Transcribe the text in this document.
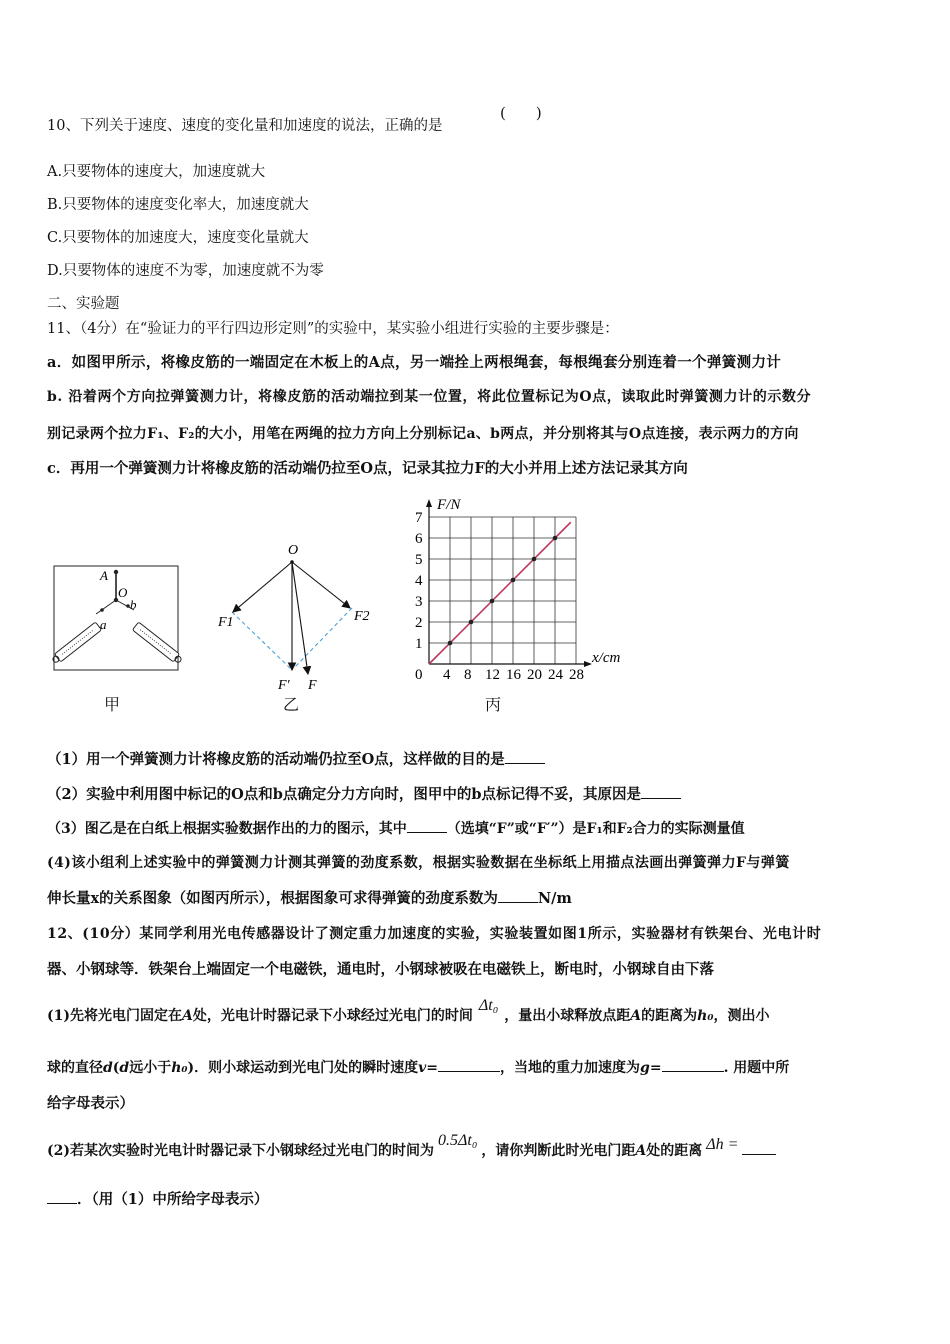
10、下列关于速度、速度的变化量和加速度的说法，正确的是
(　　)
A.只要物体的速度大，加速度就大
B.只要物体的速度变化率大，加速度就大
C.只要物体的加速度大，速度变化量就大
D.只要物体的速度不为零，加速度就不为零
二、实验题
11、（4分）在“验证力的平行四边形定则”的实验中，某实验小组进行实验的主要步骤是：
a．如图甲所示，将橡皮筋的一端固定在木板上的A点，另一端拴上两根绳套，每根绳套分别连着一个弹簧测力计
b. 沿着两个方向拉弹簧测力计，将橡皮筋的活动端拉到某一位置，将此位置标记为O点，读取此时弹簧测力计的示数分
别记录两个拉力F₁、F₂的大小，用笔在两绳的拉力方向上分别标记a、b两点，并分别将其与O点连接，表示两力的方向
c．再用一个弹簧测力计将橡皮筋的活动端仍拉至O点，记录其拉力F的大小并用上述方法记录其方向
A
O
b
a
甲
O
F1	F2
F′ F
乙
4 8 12 16 20 24 28
1
2
3
4
5
6
7
F/N
x/cm
0
丙
（1）用一个弹簧测力计将橡皮筋的活动端仍拉至O点，这样做的目的是
（2）实验中利用图中标记的O点和b点确定分力方向时，图甲中的b点标记得不妥，其原因是
（3）图乙是在白纸上根据实验数据作出的力的图示，其中	（选填“F”或“F′”）是F₁和F₂合力的实际测量值
(4)该小组利上述实验中的弹簧测力计测其弹簧的劲度系数，根据实验数据在坐标纸上用描点法画出弹簧弹力F与弹簧
伸长量x的关系图象（如图丙所示），根据图象可求得弹簧的劲度系数为	N/m
12、(10分）某同学利用光电传感器设计了测定重力加速度的实验，实验装置如图1所示，实验器材有铁架台、光电计时
器、小钢球等．铁架台上端固定一个电磁铁，通电时，小钢球被吸在电磁铁上，断电时，小钢球自由下落
(1)先将光电门固定在A处，光电计时器记录下小球经过光电门的时间Δt₀，量出小球释放点距A的距离为h₀，测出小
球的直径d(d远小于h₀)．则小球运动到光电门处的瞬时速度v=	，当地的重力加速度为g=	. 用题中所
给字母表示）
(2)若某次实验时光电计时器记录下小钢球经过光电门的时间为0.5Δt₀，请你判断此时光电门距A处的距离 Δh =
．（用（1）中所给字母表示）
